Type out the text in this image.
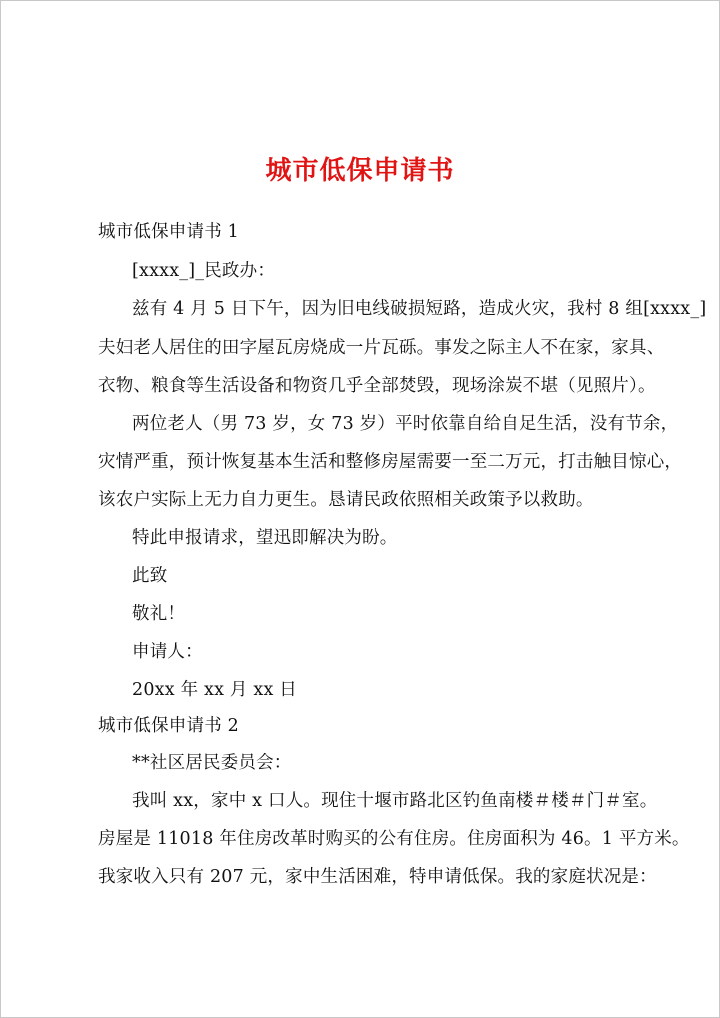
城市低保申请书
城市低保申请书 1
[xxxx_]_民政办：
兹有 4 月 5 日下午，因为旧电线破损短路，造成火灾，我村 8 组[xxxx_]
夫妇老人居住的田字屋瓦房烧成一片瓦砾。事发之际主人不在家，家具、
衣物、粮食等生活设备和物资几乎全部焚毁，现场涂炭不堪（见照片）。
两位老人（男 73 岁，女 73 岁）平时依靠自给自足生活，没有节余，
灾情严重，预计恢复基本生活和整修房屋需要一至二万元，打击触目惊心，
该农户实际上无力自力更生。恳请民政依照相关政策予以救助。
特此申报请求，望迅即解决为盼。
此致
敬礼！
申请人：
20xx 年 xx 月 xx 日
城市低保申请书 2
**社区居民委员会：
我叫 xx，家中 x 口人。现住十堰市路北区钓鱼南楼＃楼＃门＃室。
房屋是 11018 年住房改革时购买的公有住房。住房面积为 46。1 平方米。
我家收入只有 207 元，家中生活困难，特申请低保。我的家庭状况是：
